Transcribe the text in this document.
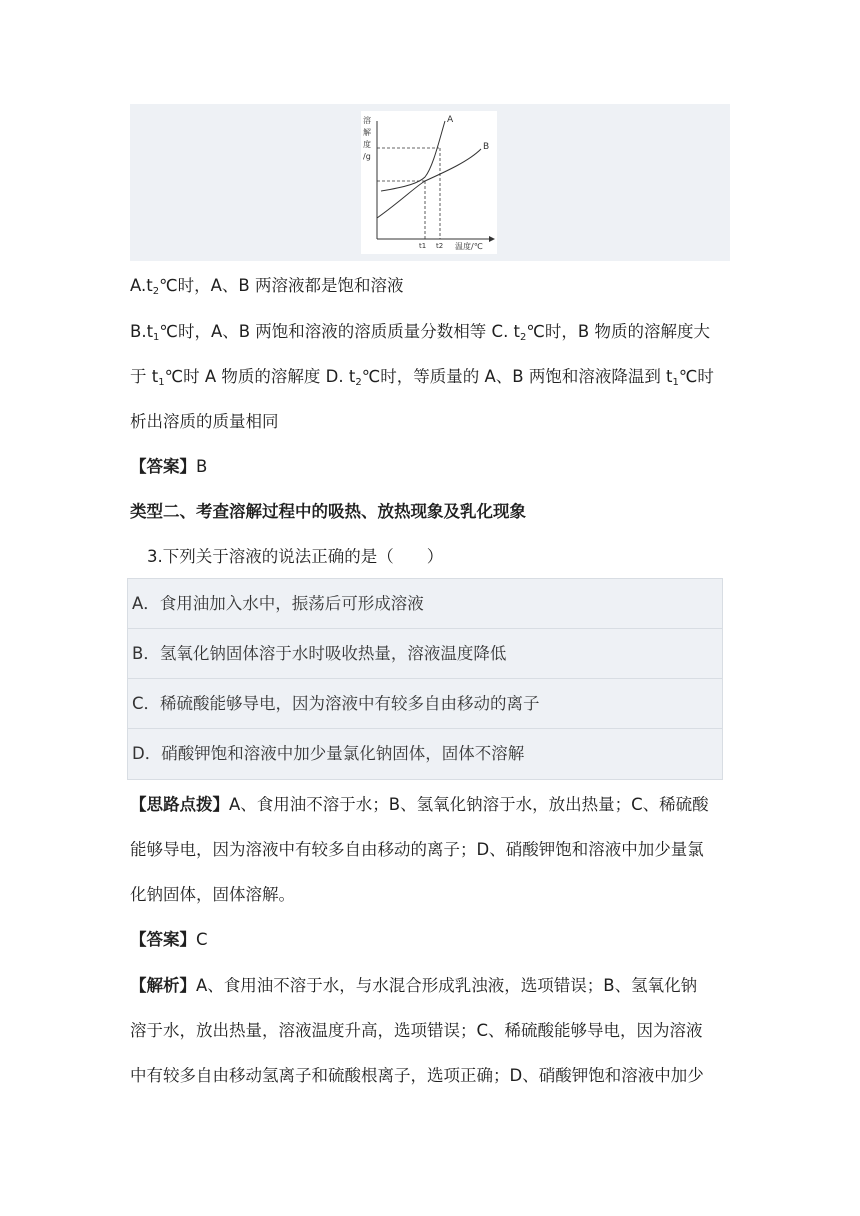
溶
解
度
/g
A
B
t1 t2 温度/℃
$A.t_2℃$时，A、B 两溶液都是饱和溶液
$B.t_1℃$时，A、B 两饱和溶液的溶质质量分数相等 C. $t_2℃$时，B 物质的溶解度大
于 $t_1℃$时 A 物质的溶解度 D. $t_2℃$时，等质量的 A、B 两饱和溶液降温到 $t_1℃$时
析出溶质的质量相同
【答案】B
类型二、考查溶解过程中的吸热、放热现象及乳化现象
3.下列关于溶液的说法正确的是（　　）
A．食用油加入水中，振荡后可形成溶液
B．氢氧化钠固体溶于水时吸收热量，溶液温度降低
C．稀硫酸能够导电，因为溶液中有较多自由移动的离子
D．硝酸钾饱和溶液中加少量氯化钠固体，固体不溶解
【思路点拨】A、食用油不溶于水；B、氢氧化钠溶于水，放出热量；C、稀硫酸
能够导电，因为溶液中有较多自由移动的离子；D、硝酸钾饱和溶液中加少量氯
化钠固体，固体溶解。
【答案】C
【解析】A、食用油不溶于水，与水混合形成乳浊液，选项错误；B、氢氧化钠
溶于水，放出热量，溶液温度升高，选项错误；C、稀硫酸能够导电，因为溶液
中有较多自由移动氢离子和硫酸根离子，选项正确；D、硝酸钾饱和溶液中加少
